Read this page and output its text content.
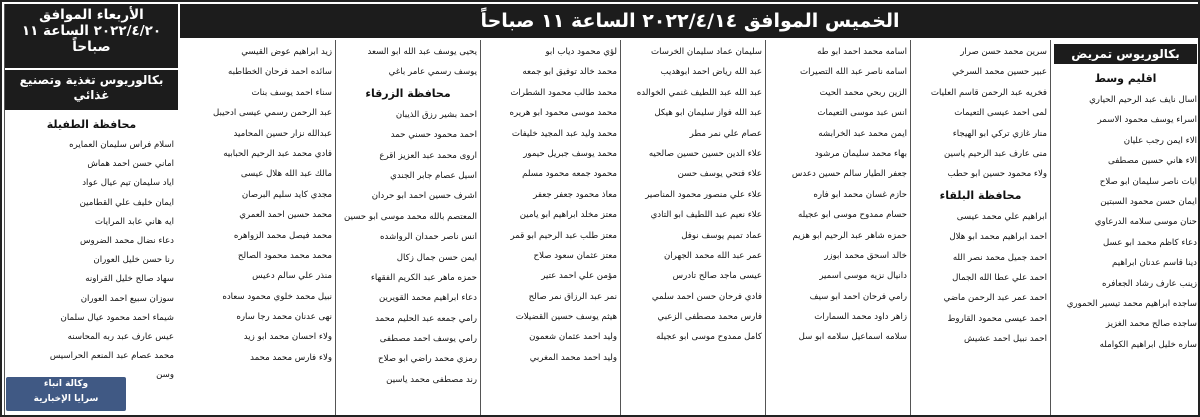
الخميس الموافق ٢٠٢٢/٤/١٤ الساعة ١١ صباحاً
بكالوريوس تمريض
اقليم وسط
اسال نايف عبد الرحيم الحياري
اسراء يوسف محمود الاسمر
الاء ايمن رجب عليان
الاء هاني حسين مصطفى
ايات ناصر سليمان ابو صلاح
ايمان حسن محمود السبتين
حنان موسى سلامه الدرعاوي
دعاء كاظم محمد ابو عسل
دينا قاسم عدنان ابراهيم
زينب عارف رشاد الجعافره
ساجده ابراهيم محمد تيسير الحموري
ساجده صالح محمد الغزيز
ساره خليل ابراهيم الكوامله
سرين محمد حسن صرار
عبير حسين محمد السرخي
فخريه عبد الرحمن قاسم العليات
لمى احمد عيسى التعيمات
منار غازي تركي ابو الهيجاء
منى عارف عبد الرحيم ياسين
ولاء محمود حسين ابو حطب
محافظة البلقاء
ابراهيم علي محمد عيسى
احمد ابراهيم محمد ابو هلال
احمد جميل محمد نصر الله
احمد علي عطا الله الجمال
احمد عمر عبد الرحمن ماضي
احمد عيسى محمود القاروط
احمد نبيل احمد عشيش
اسامه محمد احمد ابو طه
اسامه ناصر عبد الله التصيرات
الزين ربحي محمد الحيت
انس عبد موسى التعيمات
ايمن محمد عبد الخرابشه
بهاء محمد سليمان مرشود
جعفر الطيار سالم حسين دعدس
حازم غسان محمد ابو فاره
حسام ممدوح موسى ابو عجيله
حمزه شاهر عبد الرحيم ابو هزيم
خالد اسحق محمد ابوزر
دانيال نزيه موسى اسمير
رامي فرحان احمد ابو سيف
زاهر داود محمد السمارات
سلامه اسماعيل سلامه ابو سل
سليمان عماد سليمان الخرسات
عبد الله رياض احمد ابوهديب
عبد الله عبد اللطيف غنمي الخوالده
عبد الله فواز سليمان ابو هيكل
عصام علي نمر مطر
علاء الدين حسين حسين صالحيه
علاء فتحي يوسف حسن
علاء علي منصور محمود المناصير
علاء نعيم عبد اللطيف ابو التادي
عماد تميم يوسف نوفل
عمر عبد الله محمد الجهران
عيسى ماجد صالح تادرس
فادي فرحان حسن احمد سلمي
فارس محمد مصطفى الزعبي
كامل ممدوح موسى ابو عجيله
لؤي محمود دياب ابو
محمد خالد توفيق ابو جمعه
محمد طالب محمود الشطرات
محمد موسى محمود ابو هريره
محمد وليد عبد المجيد خليفات
محمد يوسف جبريل حيمور
محمود جمعه محمود مسلم
معاذ محمود جعفر جعفر
معتز مخلد ابراهيم ابو يامين
معتز طلب عبد الرحيم ابو قمر
معتز عثمان سعود صلاح
مؤمن علي احمد عتير
نمر عبد الرزاق نمر صالح
هيثم يوسف حسين القضيلات
وليد احمد عثمان شعمون
وليد احمد محمد المغربي
يحيى يوسف عبد الله ابو السعد
يوسف رسمي عامر باغي
محافظة الزرقاء
احمد بشير رزق الذيبان
احمد محمود حسني حمد
اروى محمد عبد العزيز اقرع
اسيل عصام جابر الجندي
اشرف حسين احمد ابو حردان
المعتصم بالله محمد موسى ابو حسين
انس ناصر حمدان الرواشده
ايمن حسن جمال زكال
حمزه ماهر عبد الكريم الفقهاء
دعاء ابراهيم محمد القويرين
رامي جمعه عبد الحليم محمد
رامي يوسف احمد مصطفى
رمزي محمد راضي ابو صلاح
رند مصطفى محمد ياسين
زيد ابراهيم عوض القيسي
سائده احمد فرحان الخطاطبه
سناء احمد يوسف بنات
عبد الرحمن رسمي عيسى ادحيبل
عبدالله نزار حسين المحاميد
فادي محمد عبد الرحيم الحبابيه
مالك عبد الله هلال عيسى
مجدي كايد سليم البرصان
محمد حسين احمد العمري
محمد فيصل محمد الزواهره
محمد محمد محمود الصالح
منذر علي سالم دعيس
نبيل محمد خلوي محمود سعاده
نهى عدنان محمد رجا ساره
ولاء احسان محمد ابو زيد
ولاء فارس محمد محمد
الأربعاء الموافق ٢٠٢٢/٤/٢٠ الساعة ١١ صباحاً
بكالوريوس تغذية وتصنيع غذائي
محافظة الطفيلة
اسلام فراس سليمان العمايره
اماني حسن احمد هماش
اياد سليمان تيم عيال عواد
ايمان خليف علي القطامين
ايه هاني عابد المرايات
دعاء نضال محمد الضروس
رنا حسن خليل العوران
سهاد صالح خليل القراونه
سوزان سبيع احمد العوران
شيماء احمد محمود عيال سلمان
عيس عارف عبد ربه المحاسنه
محمد عصام عبد المنعم الحراسيس
وسن
وكالة انباء
سرايا الإخبارية
